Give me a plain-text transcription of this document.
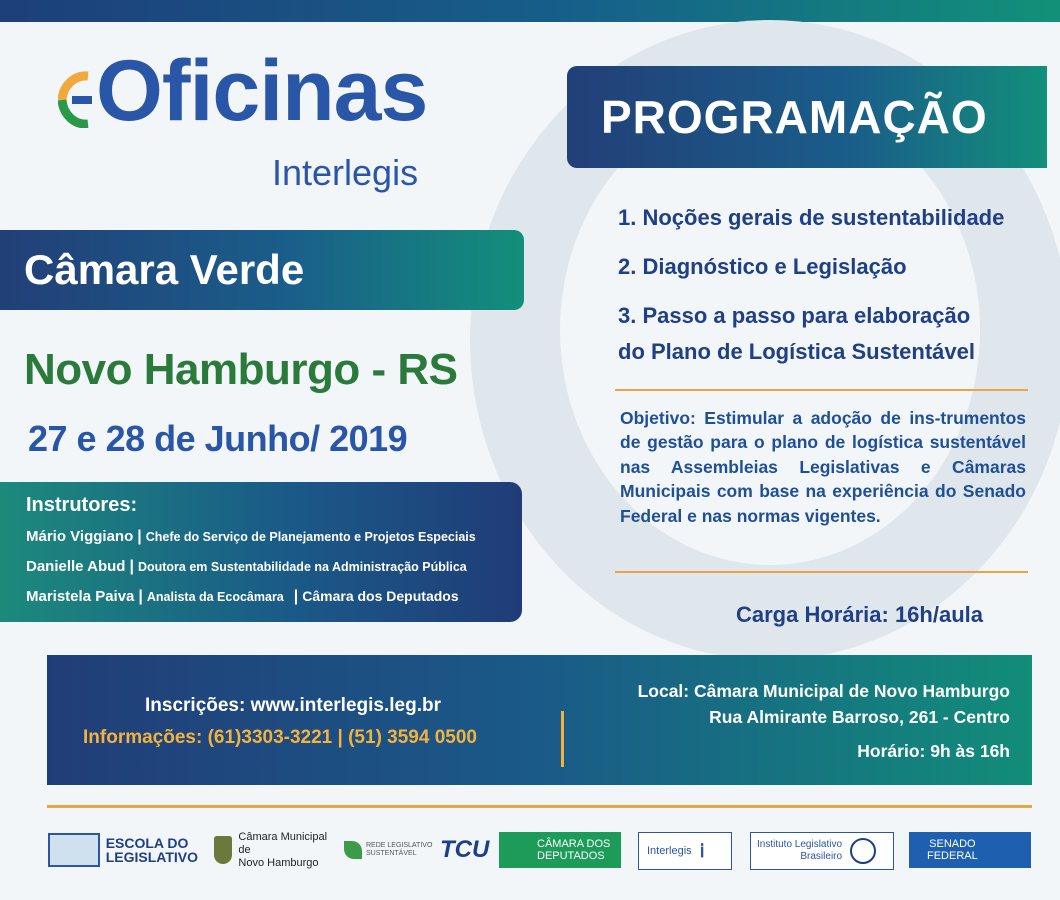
Oficinas
Interlegis
Câmara Verde
Novo Hamburgo - RS
27 e 28 de Junho/ 2019
Instrutores:
Mário Viggiano | Chefe do Serviço de Planejamento e Projetos Especiais
Danielle Abud | Doutora em Sustentabilidade na Administração Pública
Maristela Paiva | Analista da Ecocâmara | Câmara dos Deputados
PROGRAMAÇÃO
1. Noções gerais de sustentabilidade
2. Diagnóstico e Legislação
3. Passo a passo para elaboração
do Plano de Logística Sustentável
Objetivo: Estimular a adoção de ins-trumentos de gestão para o plano de logística sustentável nas Assembleias Legislativas e Câmaras Municipais com base na experiência do Senado Federal e nas normas vigentes.
Carga Horária: 16h/aula
Inscrições: www.interlegis.leg.br
Informações: (61)3303-3221 | (51) 3594 0500
Local: Câmara Municipal de Novo Hamburgo
Rua Almirante Barroso, 261 - Centro
Horário: 9h às 16h
ESCOLA DO
LEGISLATIVO
Câmara Municipal de
Novo Hamburgo
REDE LEGISLATIVO
SUSTENTÁVEL TCU	CÂMARA DOS
DEPUTADOS	Interlegis ⅰ	Instituto Legislativo
Brasileiro
SENADO
FEDERAL
